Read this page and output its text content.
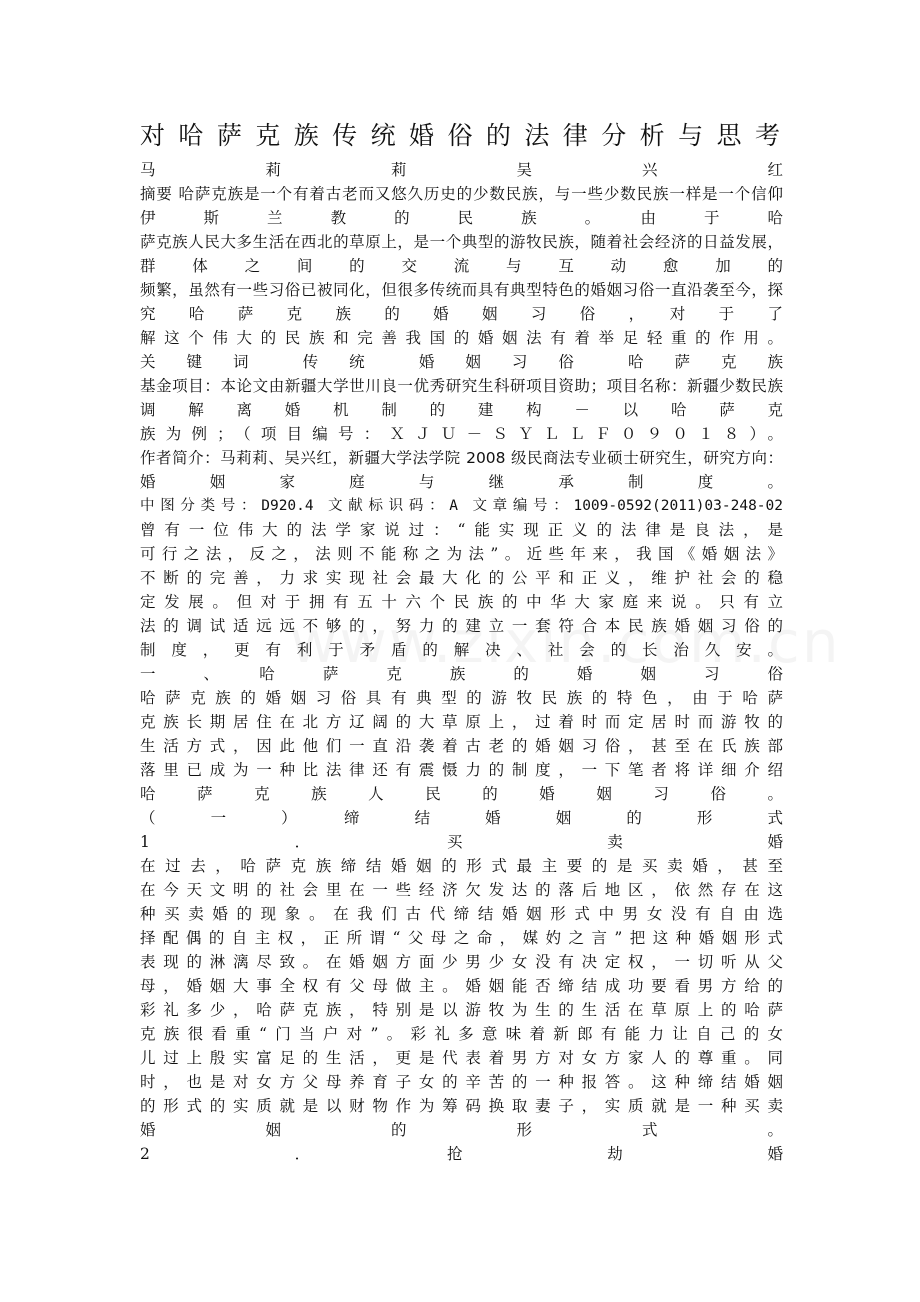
对哈萨克族传统婚俗的法律分析与思考
马　　　　莉　　　　莉　　　　吴　　　　兴　　　　红
摘要 哈萨克族是一个有着古老而又悠久历史的少数民族，与一些少数民族一样是一个信仰
伊　斯　兰　教　的　民　族　。　由　于　哈
萨克族人民大多生活在西北的草原上，是一个典型的游牧民族，随着社会经济的日益发展，
群　体　之　间　的　交　流　与　互　动　愈　加　的
频繁，虽然有一些习俗已被同化，但很多传统而具有典型特色的婚姻习俗一直沿袭至今，探
究　哈　萨　克　族　的　婚　姻　习　俗　，　对　于　了
解这个伟大的民族和完善我国的婚姻法有着举足轻重的作用。
关　键　词　　传　统　　婚　姻　习　俗　　哈　萨　克　族
基金项目：本论文由新疆大学世川良一优秀研究生科研项目资助；项目名称：新疆少数民族
调　解　离　婚　机　制　的　建　构　－　以　哈　萨　克
族为例；（项目编号：ＸＪＵ－ＳＹＬＬＦ０９０１８）。
作者简介：马莉莉、吴兴红，新疆大学法学院 2008 级民商法专业硕士研究生，研究方向：
婚　姻　家　庭　与　继　承　制　度　。
中图分类号：D920.4 文献标识码：A 文章编号：1009-0592(2011)03-248-02
曾有一位伟大的法学家说过：“能实现正义的法律是良法，是
可行之法，反之，法则不能称之为法”。近些年来，我国《婚姻法》
不断的完善，力求实现社会最大化的公平和正义，维护社会的稳
定发展。但对于拥有五十六个民族的中华大家庭来说。只有立
法的调试适远远不够的，努力的建立一套符合本民族婚姻习俗的
制度，更有利于矛盾的解决、社会的长治久安。
一　、　哈　萨　克　族　的　婚　姻　习　俗
哈萨克族的婚姻习俗具有典型的游牧民族的特色，由于哈萨
克族长期居住在北方辽阔的大草原上，过着时而定居时而游牧的
生活方式，因此他们一直沿袭着古老的婚姻习俗，甚至在氏族部
落里已成为一种比法律还有震慑力的制度，一下笔者将详细介绍
哈　萨　克　族　人　民　的　婚　姻　习　俗　。
（　一　）　缔　结　婚　姻　的　形　式
1　．　买　卖　婚
在过去，哈萨克族缔结婚姻的形式最主要的是买卖婚，甚至
在今天文明的社会里在一些经济欠发达的落后地区，依然存在这
种买卖婚的现象。在我们古代缔结婚姻形式中男女没有自由选
择配偶的自主权，正所谓“父母之命，媒妁之言”把这种婚姻形式
表现的淋漓尽致。在婚姻方面少男少女没有决定权，一切听从父
母，婚姻大事全权有父母做主。婚姻能否缔结成功要看男方给的
彩礼多少，哈萨克族，特别是以游牧为生的生活在草原上的哈萨
克族很看重“门当户对”。彩礼多意味着新郎有能力让自己的女
儿过上殷实富足的生活，更是代表着男方对女方家人的尊重。同
时，也是对女方父母养育子女的辛苦的一种报答。这种缔结婚姻
的形式的实质就是以财物作为筹码换取妻子，实质就是一种买卖
婚　姻　的　形　式　。
2　．　抢　劫　婚
